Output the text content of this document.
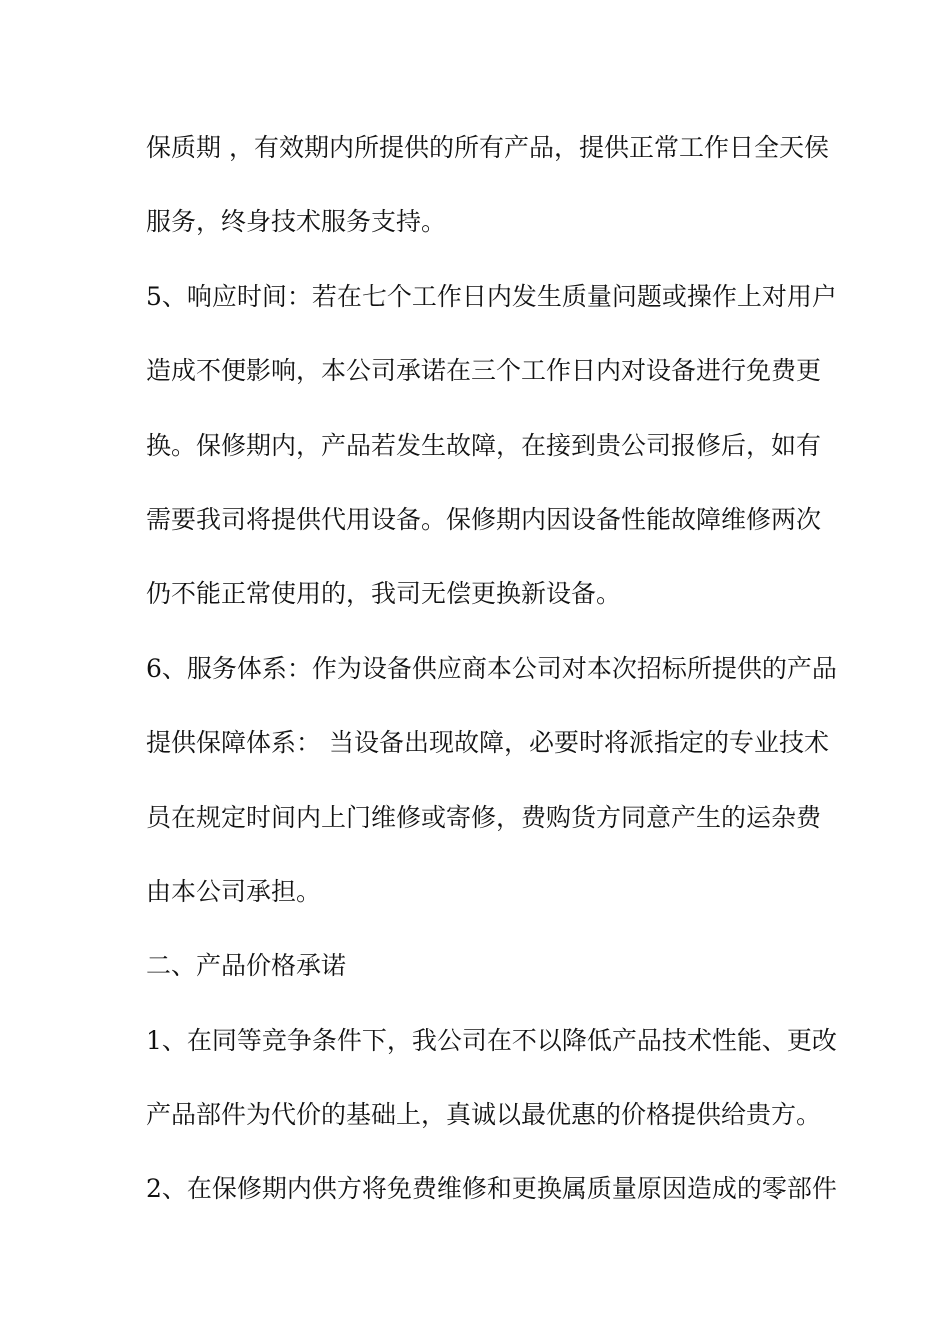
保质期 ，有效期内所提供的所有产品，提供正常工作日全天侯
服务，终身技术服务支持。
5、响应时间：若在七个工作日内发生质量问题或操作上对用户
造成不便影响，本公司承诺在三个工作日内对设备进行免费更
换。保修期内，产品若发生故障，在接到贵公司报修后，如有
需要我司将提供代用设备。保修期内因设备性能故障维修两次
仍不能正常使用的，我司无偿更换新设备。
6、服务体系：作为设备供应商本公司对本次招标所提供的产品
提供保障体系： 当设备出现故障，必要时将派指定的专业技术
员在规定时间内上门维修或寄修，费购货方同意产生的运杂费
由本公司承担。
二、产品价格承诺
1、在同等竞争条件下，我公司在不以降低产品技术性能、更改
产品部件为代价的基础上，真诚以最优惠的价格提供给贵方。
2、在保修期内供方将免费维修和更换属质量原因造成的零部件
